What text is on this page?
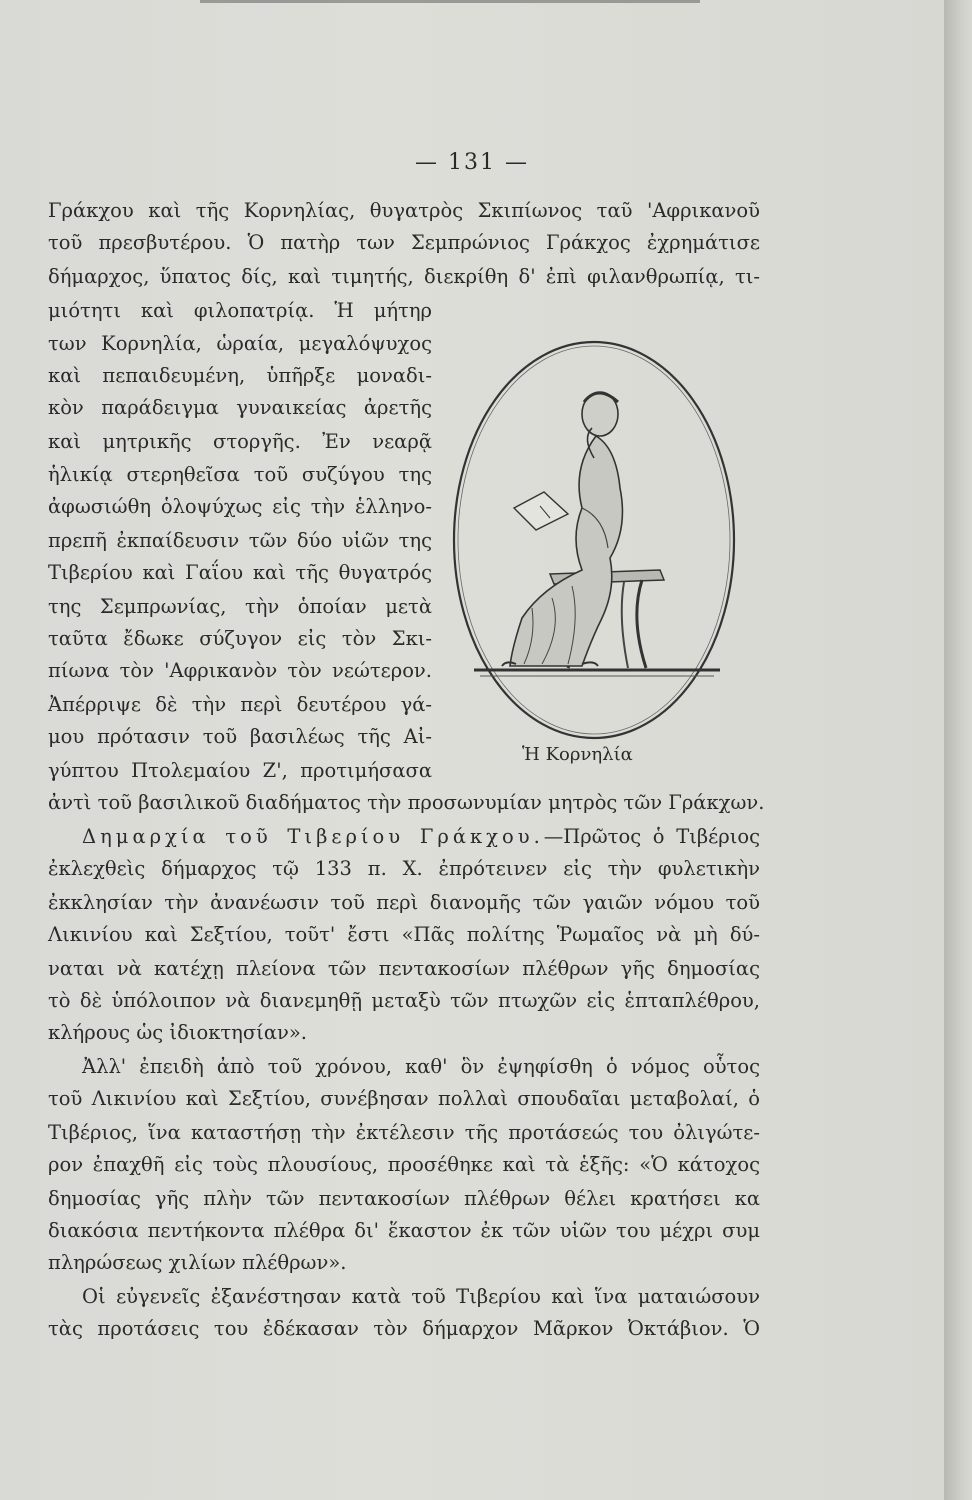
— 131 —
Γράκχου καὶ τῆς Κορνηλίας, θυγατρὸς Σκιπίωνος ταῦ 'Αφρικανοῦ
τοῦ πρεσβυτέρου. Ὁ πατὴρ των Σεμπρώνιος Γράκχος ἐχρημάτισε
δήμαρχος, ὕπατος δίς, καὶ τιμητής, διεκρίθη δ' ἐπὶ φιλανθρωπίᾳ, τι-
μιότητι καὶ φιλοπατρίᾳ. Ἡ μήτηρ
των Κορνηλία, ὡραία, μεγαλόψυχος
καὶ πεπαιδευμένη, ὑπῆρξε μοναδι-
κὸν παράδειγμα γυναικείας ἀρετῆς
καὶ μητρικῆς στοργῆς. Ἐν νεαρᾷ
ἡλικίᾳ στερηθεῖσα τοῦ συζύγου της
ἀφωσιώθη ὁλοψύχως εἰς τὴν ἑλληνο-
πρεπῆ ἐκπαίδευσιν τῶν δύο υἱῶν της
Τιβερίου καὶ Γαΐου καὶ τῆς θυγατρός
της Σεμπρωνίας, τὴν ὁποίαν μετὰ
ταῦτα ἔδωκε σύζυγον εἰς τὸν Σκι-
πίωνα τὸν 'Αφρικανὸν τὸν νεώτερον.
Ἀπέρριψε δὲ τὴν περὶ δευτέρου γά-
μου πρότασιν τοῦ βασιλέως τῆς Αἰ-
γύπτου Πτολεμαίου Ζ', προτιμήσασα
Ἡ Κορνηλία
ἀντὶ τοῦ βασιλικοῦ διαδήματος τὴν προσωνυμίαν μητρὸς τῶν Γράκχων.
Δημαρχία τοῦ Τιβερίου Γράκχου.—Πρῶτος ὁ Τιβέριος
ἐκλεχθεὶς δήμαρχος τῷ 133 π. Χ. ἐπρότεινεν εἰς τὴν φυλετικὴν
ἐκκλησίαν τὴν ἀνανέωσιν τοῦ περὶ διανομῆς τῶν γαιῶν νόμου τοῦ
Λικινίου καὶ Σεξτίου, τοῦτ' ἔστι «Πᾶς πολίτης Ῥωμαῖος νὰ μὴ δύ-
ναται νὰ κατέχῃ πλείονα τῶν πεντακοσίων πλέθρων γῆς δημοσίας
τὸ δὲ ὑπόλοιπον νὰ διανεμηθῇ μεταξὺ τῶν πτωχῶν εἰς ἑπταπλέθρου,
κλήρους ὡς ἰδιοκτησίαν».
Ἀλλ' ἐπειδὴ ἀπὸ τοῦ χρόνου, καθ' ὃν ἐψηφίσθη ὁ νόμος οὗτος
τοῦ Λικινίου καὶ Σεξτίου, συνέβησαν πολλαὶ σπουδαῖαι μεταβολαί, ὁ
Τιβέριος, ἵνα καταστήσῃ τὴν ἐκτέλεσιν τῆς προτάσεώς του ὀλιγώτε-
ρον ἐπαχθῆ εἰς τοὺς πλουσίους, προσέθηκε καὶ τὰ ἑξῆς: «Ὁ κάτοχος
δημοσίας γῆς πλὴν τῶν πεντακοσίων πλέθρων θέλει κρατήσει κα
διακόσια πεντήκοντα πλέθρα δι' ἕκαστον ἐκ τῶν υἱῶν του μέχρι συμ
πληρώσεως χιλίων πλέθρων».
Οἱ εὐγενεῖς ἐξανέστησαν κατὰ τοῦ Τιβερίου καὶ ἵνα ματαιώσουν
τὰς προτάσεις του ἐδέκασαν τὸν δήμαρχον Μᾶρκον Ὀκτάβιον. Ὁ
